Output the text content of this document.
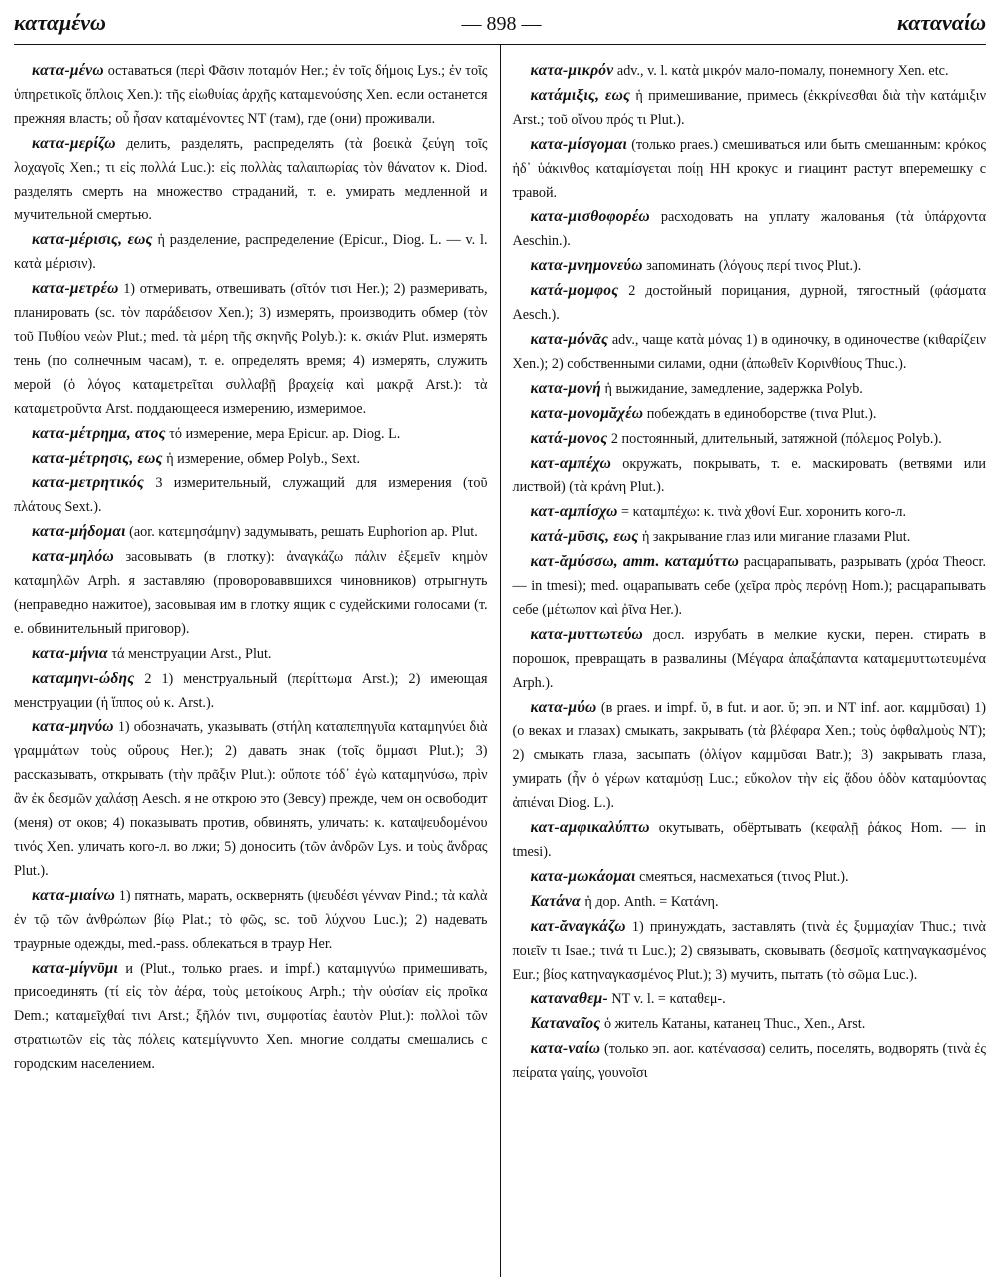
καταμένω	— 898 —	καταναίω

κατα-μένω оставаться (περὶ Φᾶσιν ποταμόν Her.; ἐν τοῖς δήμοις Lys.; ἐν τοῖς ὑπηρετικοῖς ὅπλοις Xen.): τῆς εἰωθυίας ἀρχῆς καταμενούσης Xen. если останется прежняя власть; οὗ ἦσαν καταμένοντες NT (там), где (они) проживали.

κατα-μερίζω делить, разделять, распределять (τὰ βοεικὰ ζεύγη τοῖς λοχαγοῖς Xen.; τι εἰς πολλά Luc.): εἰς πολλὰς ταλαιπωρίας τὸν θάνατον κ. Diod. разделять смерть на множество страданий, т. е. умирать медленной и мучительной смертью.

κατα-μέρισις, εως ἡ разделение, распределение (Epicur., Diog. L. — v. l. κατὰ μέρισιν).

κατα-μετρέω 1) отмеривать, отвешивать (σῖτόν τισι Her.); 2) размеривать, планировать (sc. τὸν παράδεισον Xen.); 3) измерять, производить обмер (τὸν τοῦ Πυθίου νεὼν Plut.; med. τὰ μέρη τῆς σκηνῆς Polyb.): κ. σκιάν Plut. измерять тень (по солнечным часам), т. е. определять время; 4) измерять, служить мерой (ὁ λόγος καταμετρεῖται συλλαβῇ βραχείᾳ καὶ μακρᾷ Arst.): τὰ καταμετροῦντα Arst. поддающееся измерению, измеримое.

κατα-μέτρημα, ατος τό измерение, мера Epicur. ap. Diog. L.

κατα-μέτρησις, εως ἡ измерение, обмер Polyb., Sext.

κατα-μετρητικός 3 измерительный, служащий для измерения (τοῦ πλάτους Sext.).

κατα-μήδομαι (aor. κατεμησάμην) задумывать, решать Euphorion ap. Plut.

κατα-μηλόω засовывать (в глотку): ἀναγκάζω πάλιν ἐξεμεῖν κημὸν καταμηλῶν Arph. я заставляю (провороваввшихся чиновников) отрыгнуть (неправедно нажитое), засовывая им в глотку ящик с судейскими голосами (т. е. обвинительный приговор).

κατα-μήνια τά менструации Arst., Plut.

καταμηνι-ώδης 2 1) менструальный (περίττωμα Arst.); 2) имеющая менструации (ἡ ἵππος οὐ κ. Arst.).

κατα-μηνύω 1) обозначать, указывать (στήλη καταπεπηγυῖα καταμηνύει διὰ γραμμάτων τοὺς οὔρους Her.); 2) давать знак (τοῖς ὄμμασι Plut.); 3) рассказывать, открывать (τὴν πρᾶξιν Plut.): οὔποτε τόδ᾿ ἐγὼ καταμηνύσω, πρὶν ἂν ἐκ δεσμῶν χαλάσῃ Aesch. я не открою это (Зевсу) прежде, чем он освободит (меня) от оков; 4) показывать против, обвинять, уличать: κ. καταψευδομένου τινός Xen. уличать кого-л. во лжи; 5) доносить (τῶν ἀνδρῶν Lys. и τοὺς ἄνδρας Plut.).

κατα-μιαίνω 1) пятнать, марать, осквернять (ψευδέσι γένναν Pind.; τὰ καλὰ ἐν τῷ τῶν ἀνθρώπων βίῳ Plat.; τὸ φῶς, sc. τοῦ λύχνου Luc.); 2) надевать траурные одежды, med.-pass. облекаться в траур Her.

κατα-μίγνῡμι и (Plut., только praes. и impf.) καταμιγνύω примешивать, присоединять (τί εἰς τὸν ἀέρα, τοὺς μετοίκους Arph.; τὴν οὐσίαν εἰς προῖκα Dem.; καταμεῖχθαί τινι Arst.; ξῆλόν τινι, συμφοτίας ἑαυτὸν Plut.): πολλοὶ τῶν στρατιωτῶν εἰς τὰς πόλεις κατεμίγνυντο Xen. многие солдаты смешались с городским населением.

κατα-μικρόν adv., v. l. κατὰ μικρόν мало-помалу, понемногу Xen. etc.

κατάμιξις, εως ἡ примешивание, примесь (ἐκκρίνεσθαι διὰ τὴν κατάμιξιν Arst.; τοῦ οἴνου πρός τι Plut.).

κατα-μίσγομαι (только praes.) смешиваться или быть смешанным: κρόκος ἠδ᾿ ὑάκινθος καταμίσγεται ποίῃ HH крокус и гиацинт растут вперемешку с травой.

κατα-μισθοφορέω расходовать на уплату жалованья (τὰ ὑπάρχοντα Aeschin.).

κατα-μνημονεύω запоминать (λόγους περί τινος Plut.).

κατά-μομφος 2 достойный порицания, дурной, тягостный (φάσματα Aesch.).

κατα-μόνᾱς adv., чаще κατὰ μόνας 1) в одиночку, в одиночестве (κιθαρίζειν Xen.); 2) собственными силами, одни (ἀπωθεῖν Κορινθίους Thuc.).

κατα-μονή ἡ выжидание, замедление, задержка Polyb.

κατα-μονομᾰχέω побеждать в единоборстве (τινα Plut.).

κατά-μονος 2 постоянный, длительный, затяжной (πόλεμος Polyb.).

κατ-αμπέχω окружать, покрывать, т. е. маскировать (ветвями или листвой) (τὰ κράνη Plut.).

κατ-αμπίσχω = καταμπέχω: κ. τινὰ χθονί Eur. хоронить кого-л.

κατά-μῡσις, εως ἡ закрывание глаз или миганиe глазами Plut.

κατ-ᾰμύσσω, атт. καταμύττω расцарапывать, разрывать (χρόα Theocr. — in tmesi); med. оцарапывать себе (χεῖρα πρὸς περόνῃ Hom.); расцарапывать себе (μέτωπον καὶ ῥῖνα Her.).

κατα-μυττωτεύω досл. изрубать в мелкие куски, перен. стирать в порошок, превращать в развалины (Μέγαρα ἀπαξάπαντα καταμεμυττωτευμένα Arph.).

κατα-μύω (в praes. и impf. ῠ, в fut. и aor. ῠ; эп. и NT inf. aor. καμμῦσαι) 1) (о веках и глазах) смыкать, закрывать (τὰ βλέφαρα Xen.; τοὺς ὀφθαλμοὺς NT); 2) смыкать глаза, засыпать (ὀλίγον καμμῦσαι Batr.); 3) закрывать глаза, умирать (ἦν ὁ γέρων καταμύσῃ Luc.; εὔκολον τὴν εἰς ᾅδου ὁδὸν καταμύοντας ἀπιέναι Diog. L.).

κατ-αμφικαλύπτω окутывать, обёртывать (κεφαλῇ ῥάκος Hom. — in tmesi).

κατα-μωκάομαι смеяться, насмехаться (τινος Plut.).

Κατάνα ἡ дор. Anth. = Κατάνη.

κατ-ᾰναγκάζω 1) принуждать, заставлять (τινὰ ἐς ξυμμαχίαν Thuc.; τινὰ ποιεῖν τι Isae.; τινά τι Luc.); 2) связывать, сковывать (δεσμοῖς κατηναγκασμένος Eur.; βίος κατηναγκασμένος Plut.); 3) мучить, пытать (τὸ σῶμα Luc.).

καταναθεμ- NT v. l. = καταθεμ-.

Καταναῖος ὁ житель Катаны, катанец Thuc., Xen., Arst.

κατα-ναίω (только эп. aor. κατένασσα) селить, поселять, водворять (τινὰ ἐς πείρατα γαίης, γουνοῖσι
